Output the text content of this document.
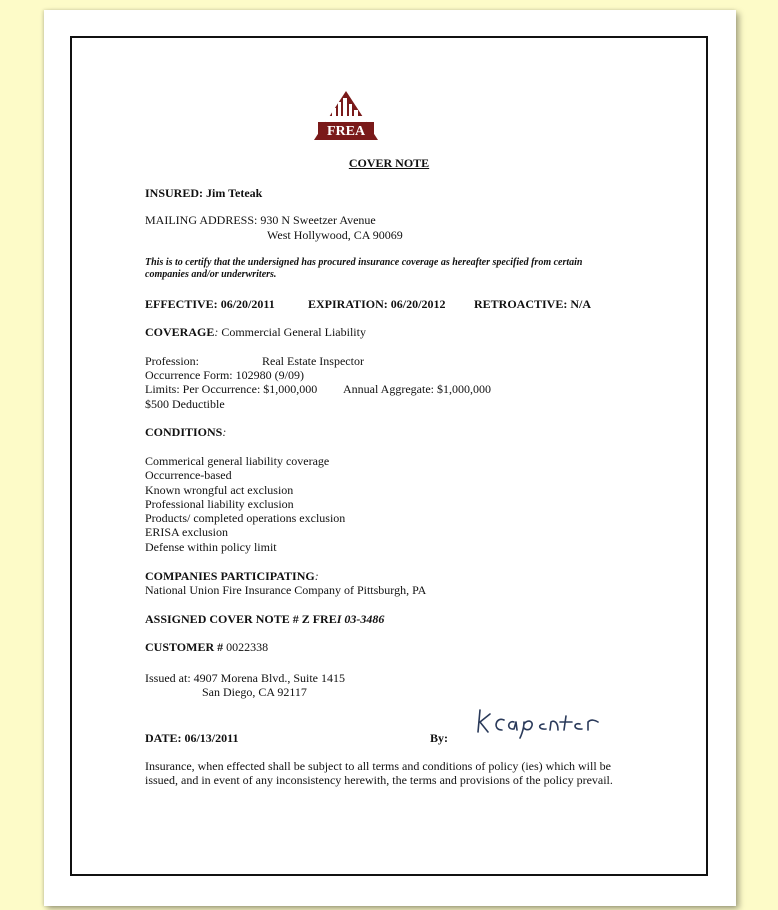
FREA
COVER NOTE
INSURED: Jim Teteak
MAILING ADDRESS: 930 N Sweetzer Avenue
West Hollywood, CA 90069
This is to certify that the undersigned has procured insurance coverage as hereafter specified from certain companies and/or underwriters.
EFFECTIVE: 06/20/2011	EXPIRATION: 06/20/2012 RETROACTIVE: N/A
COVERAGE: Commercial General Liability
Profession:	Real Estate Inspector
Occurrence Form: 102980 (9/09)
Limits: Per Occurrence: $1,000,000 Annual Aggregate: $1,000,000
$500 Deductible
CONDITIONS:
Commerical general liability coverage
Occurrence-based
Known wrongful act exclusion
Professional liability exclusion
Products/ completed operations exclusion
ERISA exclusion
Defense within policy limit
COMPANIES PARTICIPATING:
National Union Fire Insurance Company of Pittsburgh, PA
ASSIGNED COVER NOTE # Z FREI 03-3486
CUSTOMER # 0022338
Issued at: 4907 Morena Blvd., Suite 1415
San Diego, CA 92117
DATE: 06/13/2011	By:
Insurance, when effected shall be subject to all terms and conditions of policy (ies) which will be issued, and in event of any inconsistency herewith, the terms and provisions of the policy prevail.
